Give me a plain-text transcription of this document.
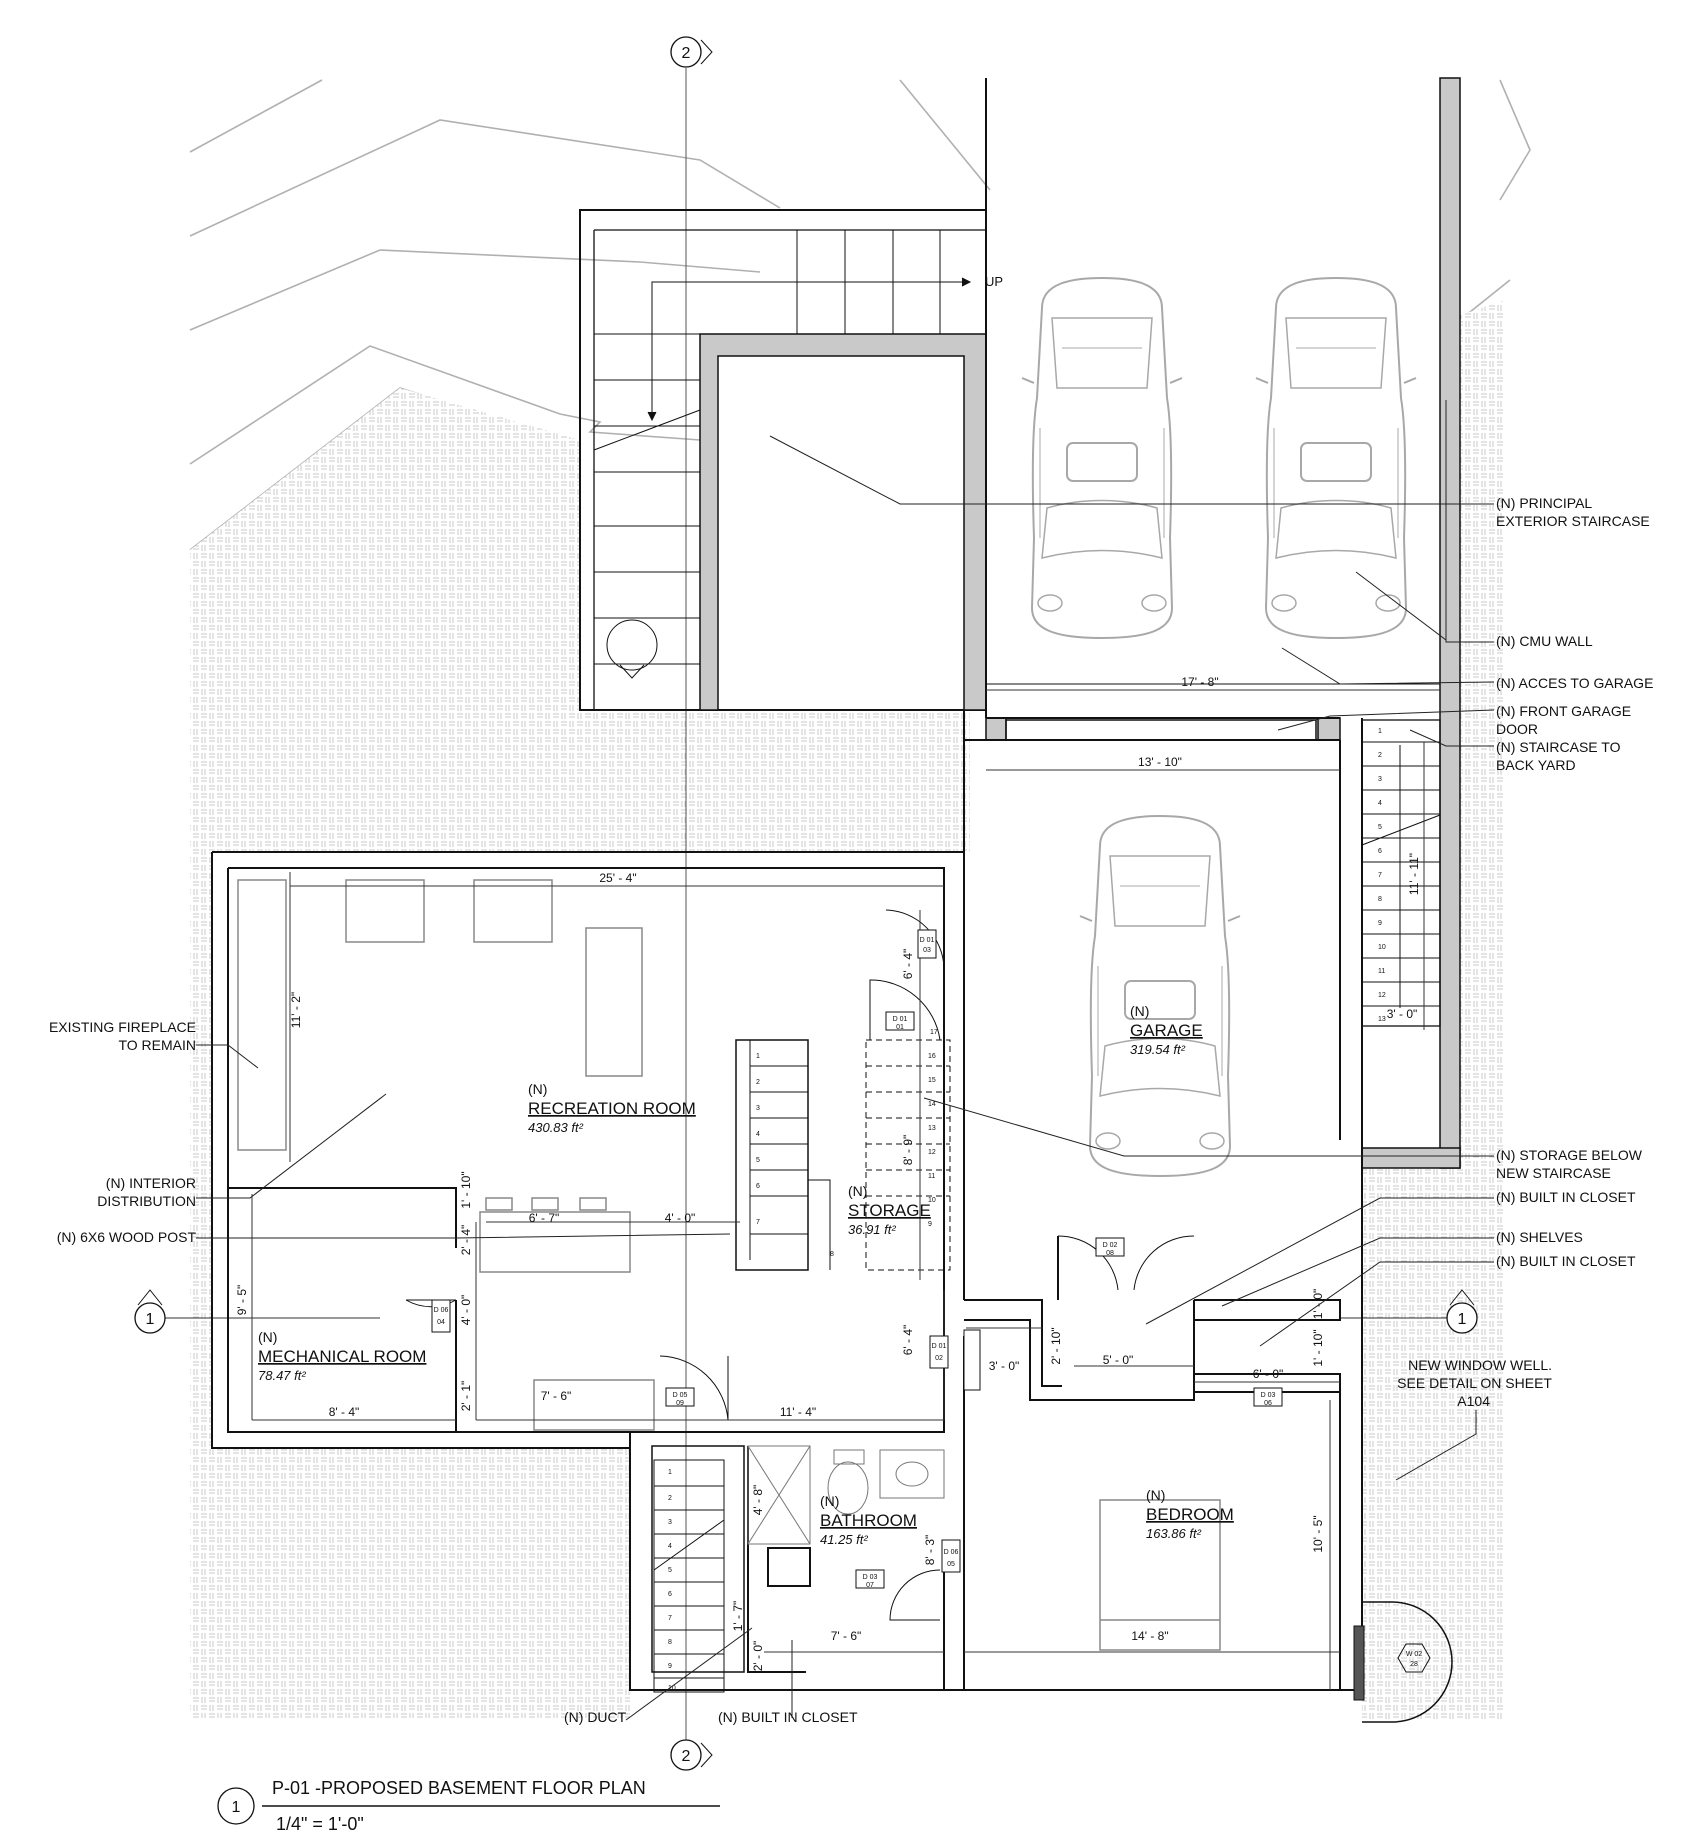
2
2
1	1
UP
1
2
3
4
5
6
7
8
9
10
11
12
13
1
2
3
4
5
6
7
16
15
14
13
12
11
10
9
8
17
1
2
3
4
5
6
7
8
9
10
17' - 8"
13' - 10"
25' - 4"
11' - 2"
6' - 4"
8' - 9"
6' - 7"	4' - 0"
1' - 10"
2' - 4"
4' - 0"
2' - 1"
9' - 5"
8' - 4"
7' - 6"
11' - 4"
6' - 4"
3' - 0"	5' - 0"
2' - 10"
6' - 0"
1' - 10"
1' - 0"
11' - 11"
3' - 0"
4' - 8"
8' - 3"
1' - 7"
2' - 0"
7' - 6"	14' - 8"
10' - 5"
D 01
03
D 01
01
D 06
04
D 02
08
D 01
02
D 05
09
D 03
06
D 03
07
D 06
05
W 02
28
(N)
RECREATION ROOM
430.83 ft²
(N)
MECHANICAL ROOM
78.47 ft²
(N)
STORAGE
36.91 ft²
(N)
GARAGE
319.54 ft²
(N)
BATHROOM
41.25 ft²
(N)
BEDROOM
163.86 ft²
(N) PRINCIPAL
EXTERIOR STAIRCASE
(N) CMU WALL
(N) ACCES TO GARAGE
(N) FRONT GARAGE
DOOR
(N) STAIRCASE TO
BACK YARD
(N) STORAGE BELOW
NEW STAIRCASE
(N) BUILT IN CLOSET
(N) SHELVES
(N) BUILT IN CLOSET
NEW WINDOW WELL.
SEE DETAIL ON SHEET
A104
EXISTING FIREPLACE
TO REMAIN
(N) INTERIOR
DISTRIBUTION
(N) 6X6 WOOD POST
(N) DUCT	(N) BUILT IN CLOSET
1
P-01 -PROPOSED BASEMENT FLOOR PLAN
1/4" = 1'-0"
